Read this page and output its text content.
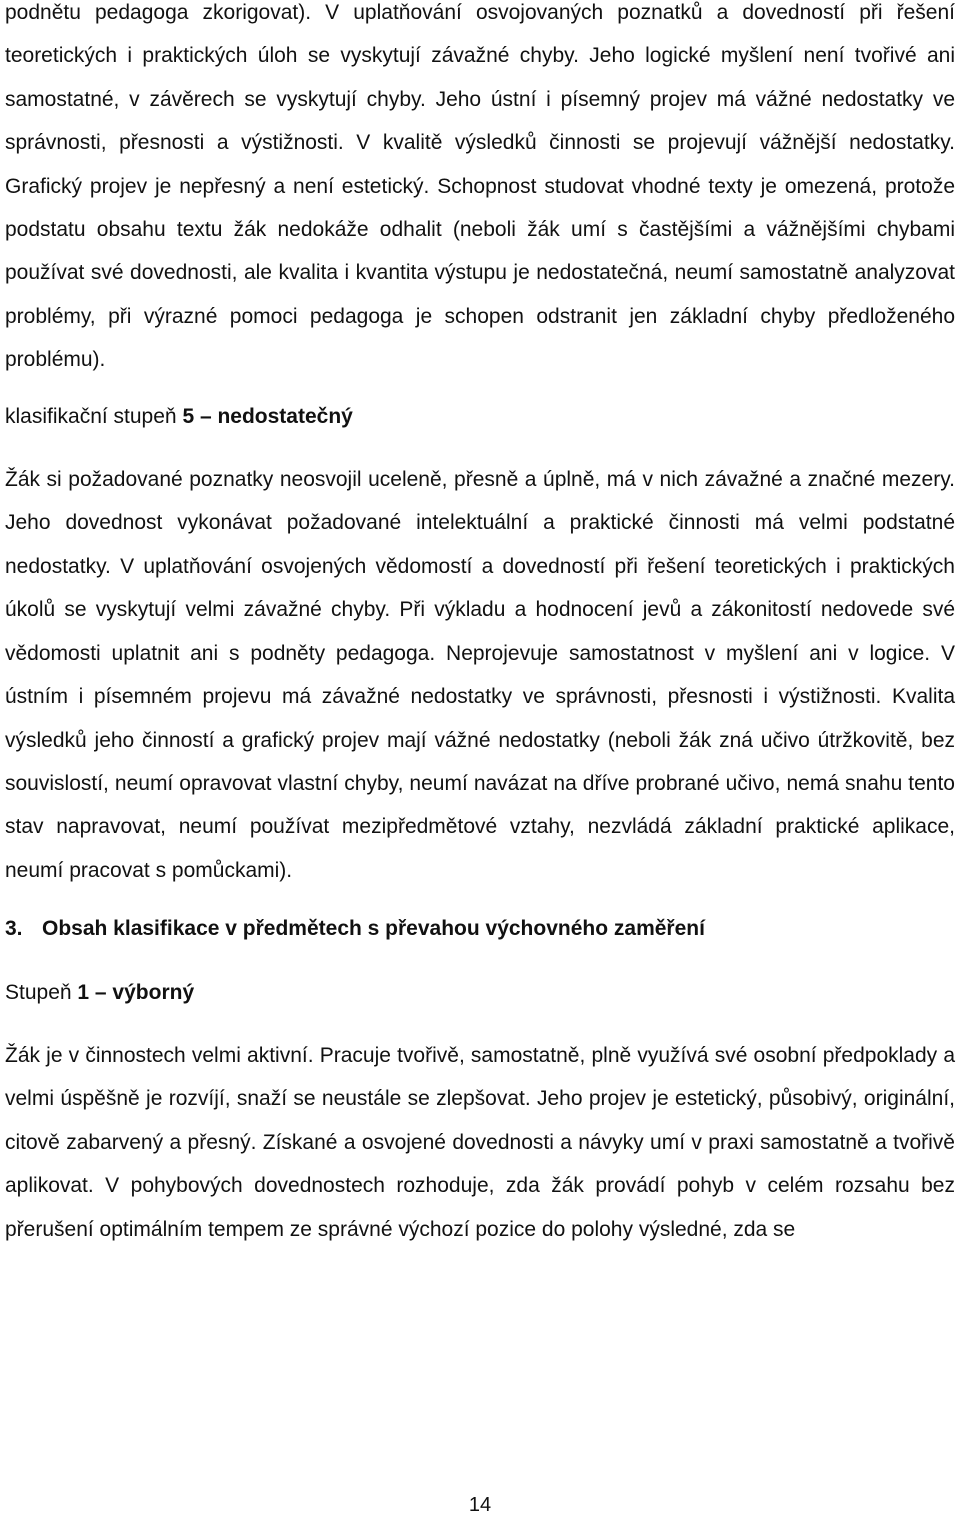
podnětu pedagoga zkorigovat). V uplatňování osvojovaných poznatků a dovedností při řešení teoretických i praktických úloh se vyskytují závažné chyby. Jeho logické myšlení není tvořivé ani samostatné, v závěrech se vyskytují chyby. Jeho ústní i písemný projev má vážné nedostatky ve správnosti, přesnosti a výstižnosti. V kvalitě výsledků činnosti se projevují vážnější nedostatky. Grafický projev je nepřesný a není estetický. Schopnost studovat vhodné texty je omezená, protože podstatu obsahu textu žák nedokáže odhalit (neboli žák umí s častějšími a vážnějšími chybami používat své dovednosti, ale kvalita i kvantita výstupu je nedostatečná, neumí samostatně analyzovat problémy, při výrazné pomoci pedagoga je schopen odstranit jen základní chyby předloženého problému).

klasifikační stupeň 5 – nedostatečný

Žák si požadované poznatky neosvojil uceleně, přesně a úplně, má v nich závažné a značné mezery. Jeho dovednost vykonávat požadované intelektuální a praktické činnosti má velmi podstatné nedostatky. V uplatňování osvojených vědomostí a dovedností při řešení teoretických i praktických úkolů se vyskytují velmi závažné chyby. Při výkladu a hodnocení jevů a zákonitostí nedovede své vědomosti uplatnit ani s podněty pedagoga. Neprojevuje samostatnost v myšlení ani v logice. V ústním i písemném projevu má závažné nedostatky ve správnosti, přesnosti i výstižnosti. Kvalita výsledků jeho činností a grafický projev mají vážné nedostatky (neboli žák zná učivo útržkovitě, bez souvislostí, neumí opravovat vlastní chyby, neumí navázat na dříve probrané učivo, nemá snahu tento stav napravovat, neumí používat mezipředmětové vztahy, nezvládá základní praktické aplikace, neumí pracovat s pomůckami).

3. Obsah klasifikace v předmětech s převahou výchovného zaměření
Stupeň 1 – výborný

Žák je v činnostech velmi aktivní. Pracuje tvořivě, samostatně, plně využívá své osobní předpoklady a velmi úspěšně je rozvíjí, snaží se neustále se zlepšovat. Jeho projev je estetický, působivý, originální, citově zabarvený a přesný. Získané a osvojené dovednosti a návyky umí v praxi samostatně a tvořivě aplikovat. V pohybových dovednostech rozhoduje, zda žák provádí pohyb v celém rozsahu bez přerušení optimálním tempem ze správné výchozí pozice do polohy výsledné, zda se

14
